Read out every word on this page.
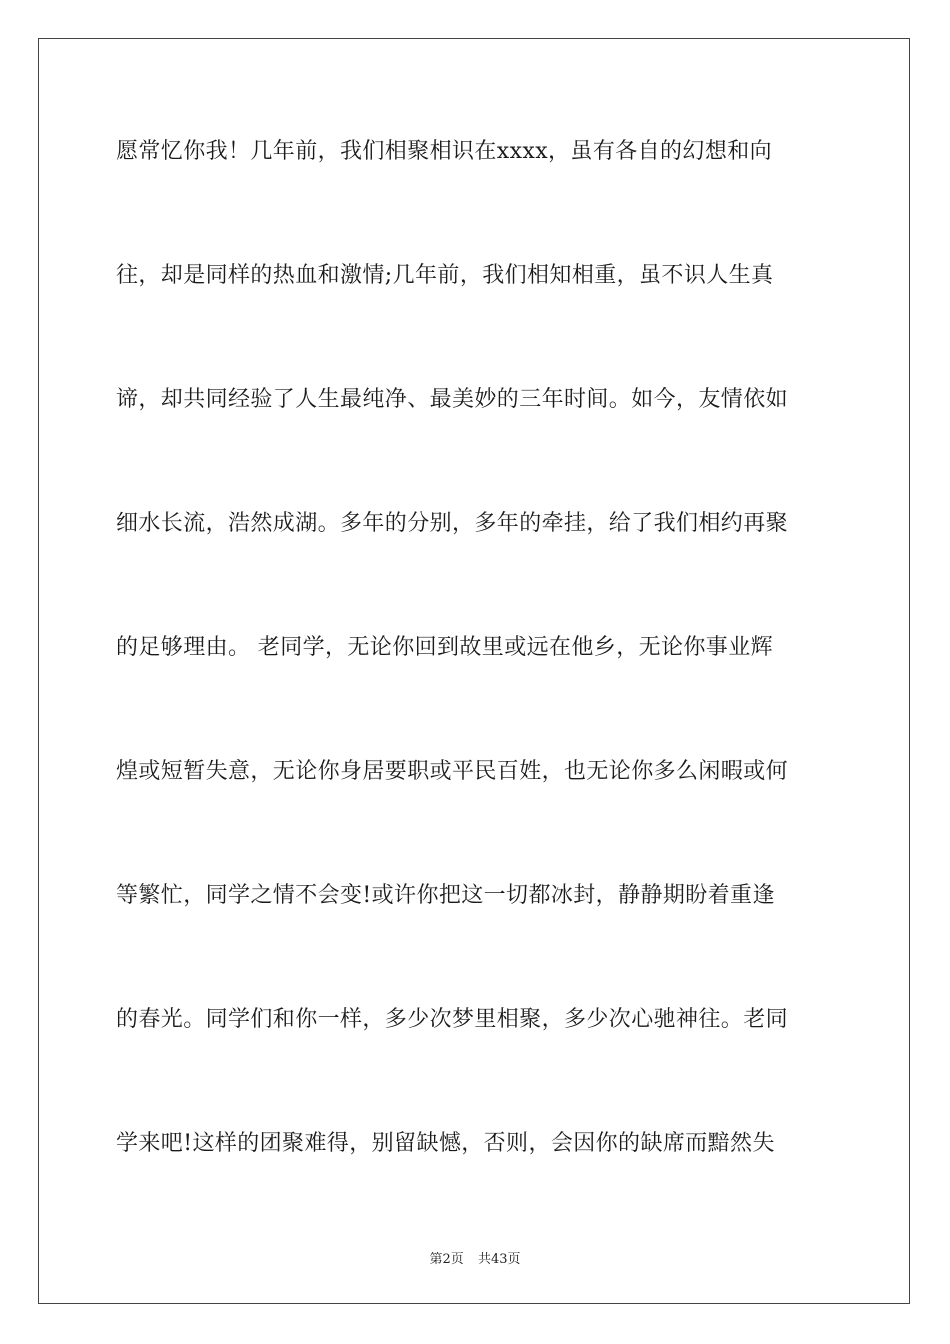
愿常忆你我！几年前，我们相聚相识在xxxx，虽有各自的幻想和向
往，却是同样的热血和激情;几年前，我们相知相重，虽不识人生真
谛，却共同经验了人生最纯净、最美妙的三年时间。如今，友情依如
细水长流，浩然成湖。多年的分别，多年的牵挂，给了我们相约再聚
的足够理由。 老同学，无论你回到故里或远在他乡，无论你事业辉
煌或短暂失意，无论你身居要职或平民百姓，也无论你多么闲暇或何
等繁忙，同学之情不会变!或许你把这一切都冰封，静静期盼着重逢
的春光。同学们和你一样，多少次梦里相聚，多少次心驰神往。老同
学来吧!这样的团聚难得，别留缺憾，否则，会因你的缺席而黯然失
第2页 共43页
